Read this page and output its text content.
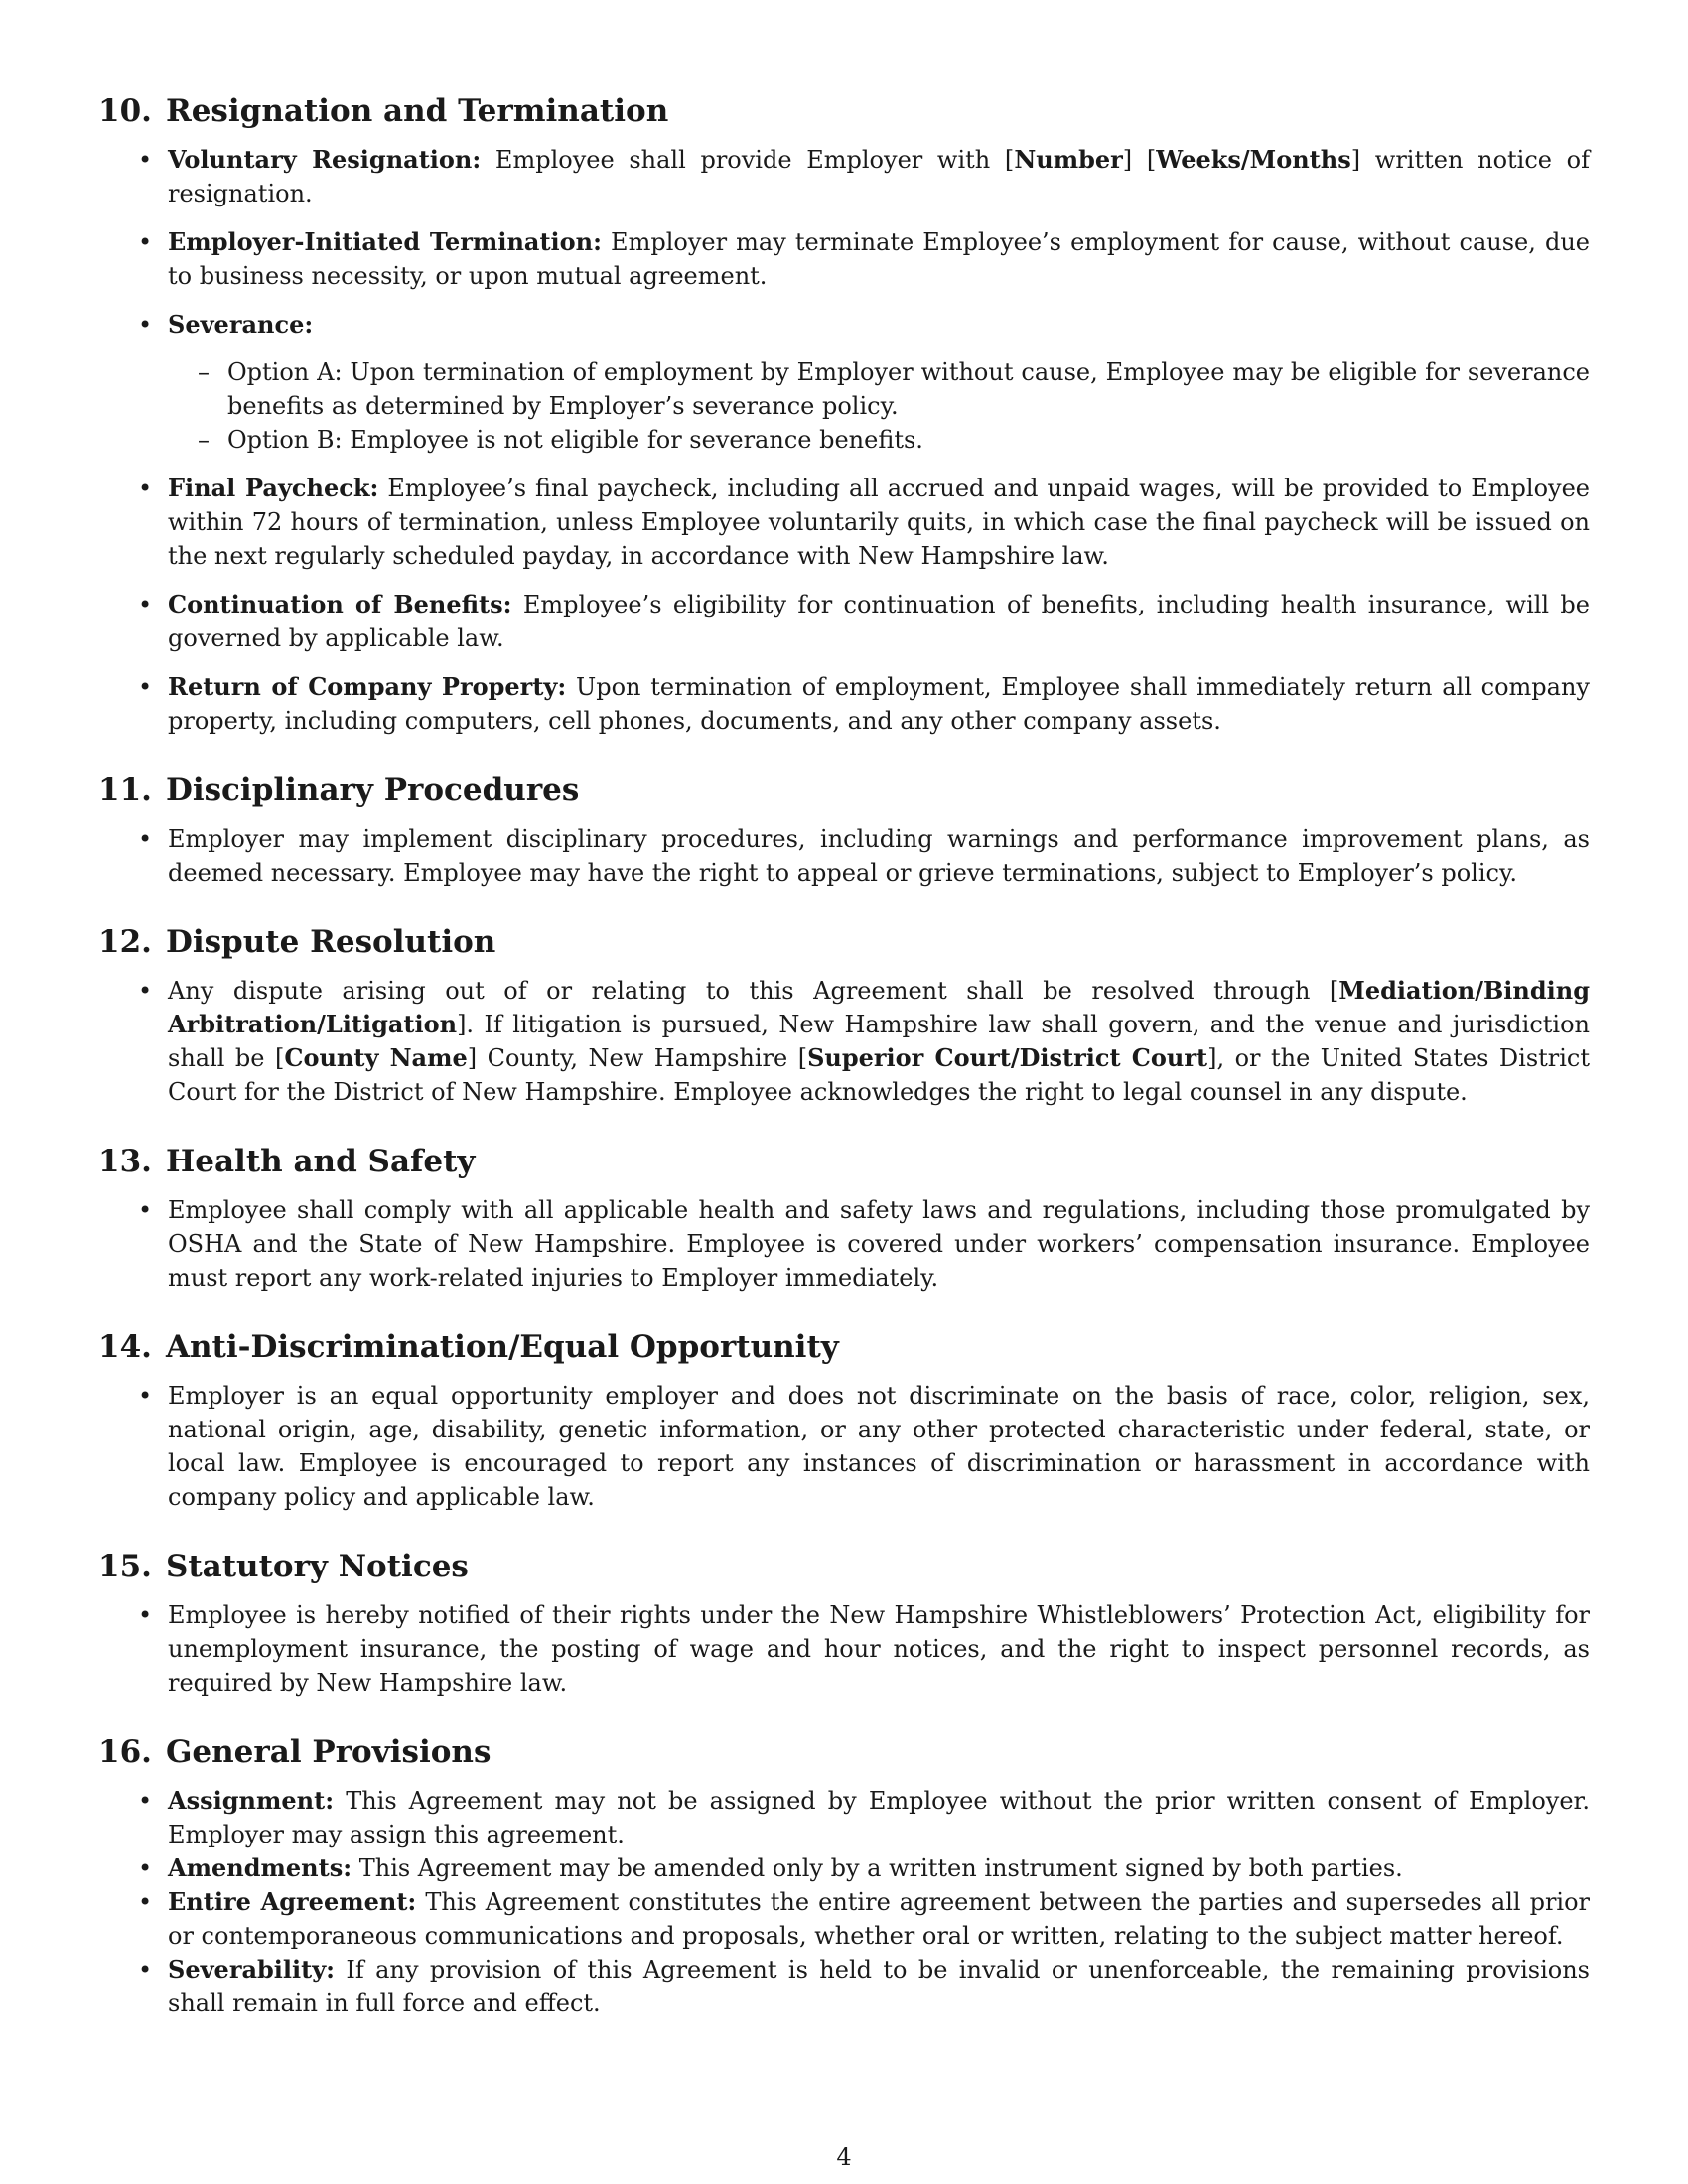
10. Resignation and Termination
• Voluntary Resignation: Employee shall provide Employer with [Number] [Weeks/Months] written notice of resignation.
• Employer-Initiated Termination: Employer may terminate Employee’s employment for cause, without cause, due to business necessity, or upon mutual agreement.
• Severance:
– Option A: Upon termination of employment by Employer without cause, Employee may be eligible for severance benefits as determined by Employer’s severance policy.
– Option B: Employee is not eligible for severance benefits.
• Final Paycheck: Employee’s final paycheck, including all accrued and unpaid wages, will be provided to Employee within 72 hours of termination, unless Employee voluntarily quits, in which case the final paycheck will be issued on the next regularly scheduled payday, in accordance with New Hampshire law.
• Continuation of Benefits: Employee’s eligibility for continuation of benefits, including health insurance, will be governed by applicable law.
• Return of Company Property: Upon termination of employment, Employee shall immediately return all company property, including computers, cell phones, documents, and any other company assets.
11. Disciplinary Procedures
• Employer may implement disciplinary procedures, including warnings and performance improvement plans, as deemed necessary. Employee may have the right to appeal or grieve terminations, subject to Employer’s policy.
12. Dispute Resolution
• Any dispute arising out of or relating to this Agreement shall be resolved through [Mediation/Binding Arbitration/Litigation]. If litigation is pursued, New Hampshire law shall govern, and the venue and jurisdiction shall be [County Name] County, New Hampshire [Superior Court/District Court], or the United States District Court for the District of New Hampshire. Employee acknowledges the right to legal counsel in any dispute.
13. Health and Safety
• Employee shall comply with all applicable health and safety laws and regulations, including those promulgated by OSHA and the State of New Hampshire. Employee is covered under workers’ compensation insurance. Employee must report any work-related injuries to Employer immediately.
14. Anti-Discrimination/Equal Opportunity
• Employer is an equal opportunity employer and does not discriminate on the basis of race, color, religion, sex, national origin, age, disability, genetic information, or any other protected characteristic under federal, state, or local law. Employee is encouraged to report any instances of discrimination or harassment in accordance with company policy and applicable law.
15. Statutory Notices
• Employee is hereby notified of their rights under the New Hampshire Whistleblowers’ Protection Act, eligibility for unemployment insurance, the posting of wage and hour notices, and the right to inspect personnel records, as required by New Hampshire law.
16. General Provisions
• Assignment: This Agreement may not be assigned by Employee without the prior written consent of Employer. Employer may assign this agreement.
• Amendments: This Agreement may be amended only by a written instrument signed by both parties.
• Entire Agreement: This Agreement constitutes the entire agreement between the parties and supersedes all prior or contemporaneous communications and proposals, whether oral or written, relating to the subject matter hereof.
• Severability: If any provision of this Agreement is held to be invalid or unenforceable, the remaining provisions shall remain in full force and effect.
4
